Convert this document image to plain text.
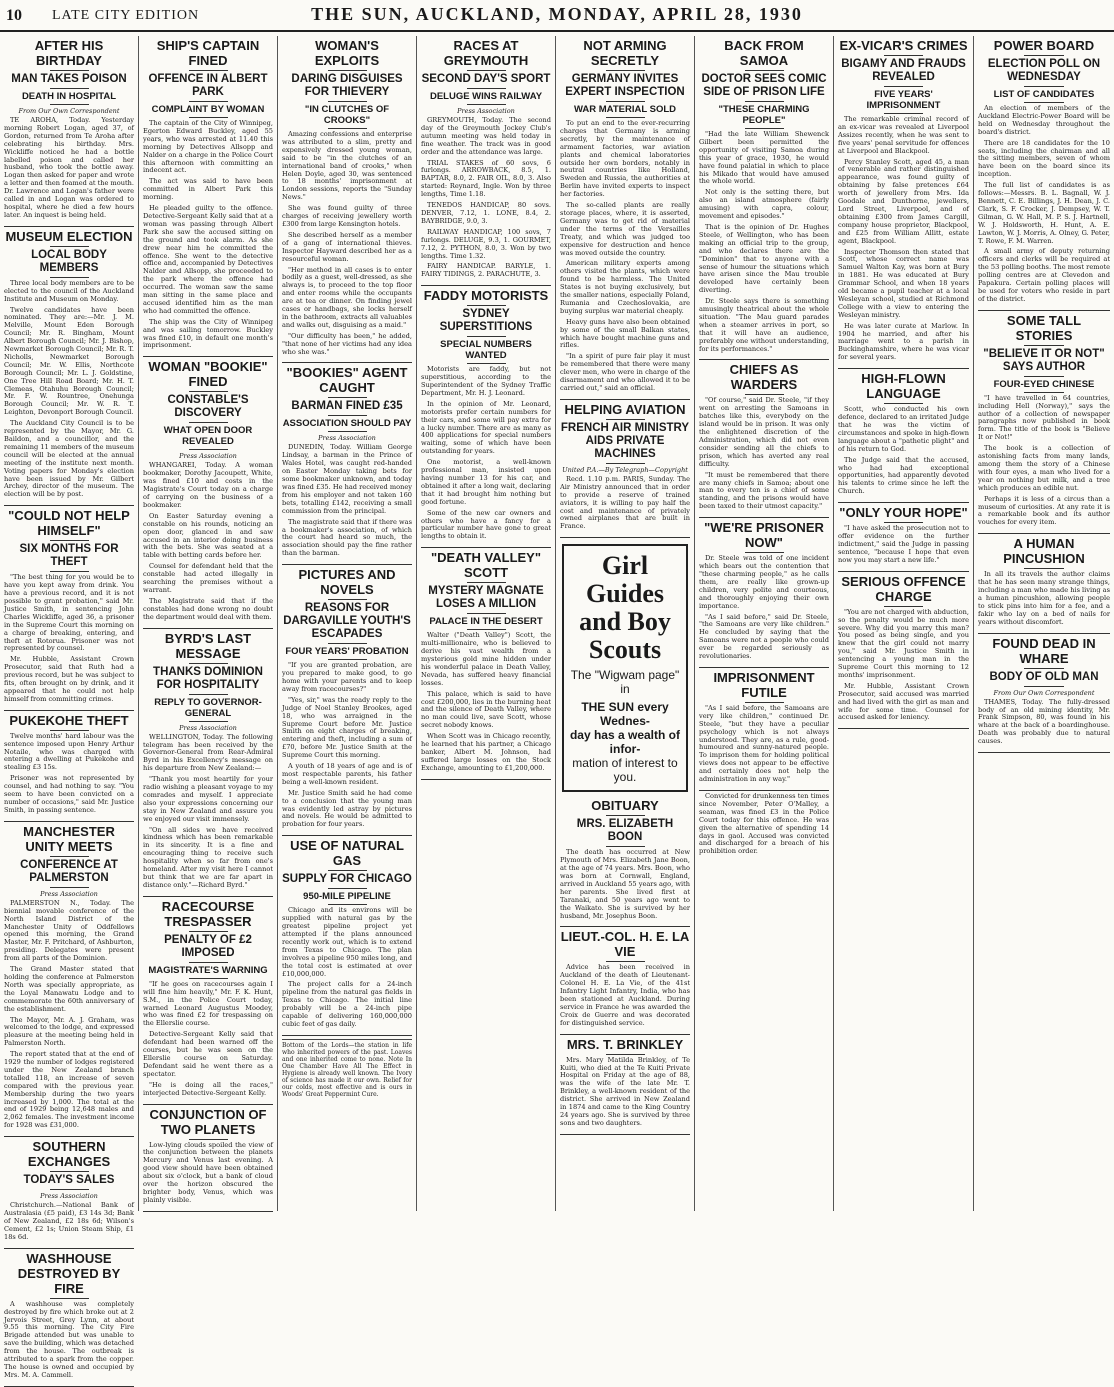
10 LATE CITY EDITION	THE SUN, AUCKLAND, MONDAY, APRIL 28, 1930
AFTER HIS BIRTHDAY
MAN TAKES POISON
DEATH IN HOSPITAL
From Our Own Correspondent

TE AROHA, Today. Yesterday morning Robert Logan, aged 37, of Gordon, returned from Te Aroha after celebrating his birthday. Mrs. Wickliffe noticed he had a bottle labelled poison and called her husband, who took the bottle away. Logan then asked for paper and wrote a letter and then foamed at the mouth. Dr. Lawrence and Logan's father were called in and Logan was ordered to hospital, where he died a few hours later. An inquest is being held.

MUSEUM ELECTION
LOCAL BODY MEMBERS

Three local body members are to be elected to the council of the Auckland Institute and Museum on Monday.

Twelve candidates have been nominated. They are:—Mr. J. M. Melville, Mount Eden Borough Council; Mr. R. Bingham, Mount Albert Borough Council; Mr. J. Bishop, Newmarket Borough Council; Mr. R. T. Nicholls, Newmarket Borough Council; Mr. W. Ellis, Northcote Borough Council; Mr. L. J. Goldstine, One Tree Hill Road Board; Mr. H. T. Clemeas, Otahuhu Borough Council; Mr. F. W. Rountree, Onehunga Borough Council; Mr. W. R. T. Leighton, Devonport Borough Council.

The Auckland City Council is to be represented by the Mayor, Mr. G. Baildon, and a councillor, and the remaining 11 members of the museum council will be elected at the annual meeting of the institute next month. Voting papers for Monday's election have been issued by Mr. Gilbert Archey, director of the museum. The election will be by post.

"COULD NOT HELP HIMSELF"
SIX MONTHS FOR THEFT

"The best thing for you would be to have you kept away from drink. You have a previous record, and it is not possible to grant probation," said Mr. Justice Smith, in sentencing John Charles Wickliffe, aged 36, a prisoner in the Supreme Court this morning on a charge of breaking, entering, and theft at Rotorua. Prisoner was not represented by counsel.

Mr. Hubble, Assistant Crown Prosecutor, said that Ruth had a previous record, but he was subject to fits, often brought on by drink, and it appeared that he could not help himself from committing crimes.

PUKEKOHE THEFT

Twelve months' hard labour was the sentence imposed upon Henry Arthur Notaile, who was charged with entering a dwelling at Pukekohe and stealing £3 15s.

Prisoner was not represented by counsel, and had nothing to say. "You seem to have been convicted on a number of occasions," said Mr. Justice Smith, in passing sentence.

MANCHESTER UNITY MEETS
CONFERENCE AT PALMERSTON
Press Association

PALMERSTON N., Today. The biennial movable conference of the North Island District of the Manchester Unity of Oddfellows opened this morning, the Grand Master, Mr. F. Pritchard, of Ashburton, presiding. Delegates were present from all parts of the Dominion.

The Grand Master stated that holding the conference at Palmerston North was specially appropriate, as the Loyal Manawatu Lodge and to commemorate the 60th anniversary of the establishment.

The Mayor, Mr. A. J. Graham, was welcomed to the lodge, and expressed pleasure at the meeting being held in Palmerston North.

The report stated that at the end of 1929 the number of lodges registered under the New Zealand branch totalled 118, an increase of seven compared with the previous year. Membership during the two years increased by 1,000. The total at the end of 1929 being 12,648 males and 2,062 females. The investment income for 1928 was £31,000.

SOUTHERN EXCHANGES
TODAY'S SALES
Press Association

Christchurch.—National Bank of Australasia (£5 paid), £3 14s 3d; Bank of New Zealand, £2 18s 6d; Wilson's Cement, £2 1s; Union Steam Ship, £1 18s 6d.

WASHHOUSE DESTROYED BY FIRE

A washhouse was completely destroyed by fire which broke out at 2 Jervois Street, Grey Lynn, at about 9.55 this morning. The City Fire Brigade attended but was unable to save the building, which was detached from the house. The outbreak is attributed to a spark from the copper. The house is owned and occupied by Mrs. M. A. Cammell.

SHIP'S CAPTAIN FINED
OFFENCE IN ALBERT PARK
COMPLAINT BY WOMAN

The captain of the City of Winnipeg, Egerton Edward Buckley, aged 55 years, who was arrested at 11.40 this morning by Detectives Allsopp and Nalder on a charge in the Police Court this afternoon with committing an indecent act.

The act was said to have been committed in Albert Park this morning.

He pleaded guilty to the offence. Detective-Sergeant Kelly said that at a woman was passing through Albert Park she saw the accused sitting on the ground and took alarm. As she drew near him he committed the offence. She went to the detective office and, accompanied by Detectives Nalder and Allsopp, she proceeded to the park where the offence had occurred. The woman saw the same man sitting in the same place and accused identified him as the man who had committed the offence.

The ship was the City of Winnipeg and was sailing tomorrow. Buckley was fined £10, in default one month's imprisonment.

WOMAN "BOOKIE" FINED
CONSTABLE'S DISCOVERY
WHAT OPEN DOOR REVEALED
Press Association

WHANGAREI, Today. A woman bookmaker, Dorothy Jacoupett, White, was fined £10 and costs in the Magistrate's Court today on a charge of carrying on the business of a bookmaker.

On Easter Saturday evening a constable on his rounds, noticing an open door, glanced in and saw accused in an interior doing business with the bets. She was seated at a table with betting cards before her.

Counsel for defendant held that the constable had acted illegally in searching the premises without a warrant.

The Magistrate said that if the constables had done wrong no doubt the department would deal with them.

BYRD'S LAST MESSAGE
THANKS DOMINION FOR HOSPITALITY
REPLY TO GOVERNOR-GENERAL
Press Association

WELLINGTON, Today. The following telegram has been received by the Governor-General from Rear-Admiral Byrd in his Excellency's message on his departure from New Zealand:—

"Thank you most heartily for your radio wishing a pleasant voyage to my comrades and myself. I appreciate also your expressions concerning our stay in New Zealand and assure you we enjoyed our visit immensely.

"On all sides we have received kindness which has been remarkable in its sincerity. It is a fine and encouraging thing to receive such hospitality when so far from one's homeland. After my visit here I cannot but think that we are far apart in distance only."—Richard Byrd."

RACECOURSE TRESPASSER
PENALTY OF £2 IMPOSED
MAGISTRATE'S WARNING

"If he goes on racecourses again I will fine him heavily," Mr. F. K. Hunt, S.M., in the Police Court today, warned Leonard Augustus Moodey, who was fined £2 for trespassing on the Ellerslie course.

Detective-Sergeant Kelly said that defendant had been warned off the courses, but he was seen on the Ellerslie course on Saturday. Defendant said he went there as a spectator.

"He is doing all the races," interjected Detective-Sergeant Kelly.

CONJUNCTION OF TWO PLANETS

Low-lying clouds spoiled the view of the conjunction between the planets Mercury and Venus last evening. A good view should have been obtained about six o'clock, but a bank of cloud over the horizon obscured the brighter body, Venus, which was plainly visible.

WOMAN'S EXPLOITS
DARING DISGUISES FOR THIEVERY
"IN CLUTCHES OF CROOKS"

Amazing confessions and enterprise was attributed to a slim, pretty and expensively dressed young woman, said to be "in the clutches of an international band of crooks," when Helen Doyle, aged 30, was sentenced to 18 months' imprisonment at London sessions, reports the "Sunday News."

She was found guilty of three charges of receiving jewellery worth £300 from large Kensington hotels.

She described herself as a member of a gang of international thieves. Inspector Hayward described her as a resourceful woman.

"Her method in all cases is to enter bodily as a guest, well-dressed, as she always is, to proceed to the top floor and enter rooms while the occupants are at tea or dinner. On finding jewel cases or handbags, she locks herself in the bathroom, extracts all valuables and walks out, disguising as a maid."

"Our difficulty has been," he added, "that none of her victims had any idea who she was."

"BOOKIES" AGENT CAUGHT
BARMAN FINED £35
ASSOCIATION SHOULD PAY
Press Association

DUNEDIN, Today. William George Lindsay, a barman in the Prince of Wales Hotel, was caught red-handed on Easter Monday taking bets for some bookmaker unknown, and today was fined £35. He had received money from his employer and not taken 160 bets, totalling £142, receiving a small commission from the principal.

The magistrate said that if there was a bookmaker's association, of which the court had heard so much, the association should pay the fine rather than the barman.

PICTURES AND NOVELS
REASONS FOR DARGAVILLE YOUTH'S ESCAPADES
FOUR YEARS' PROBATION

"If you are granted probation, are you prepared to make good, to go home with your parents and to keep away from racecourses?"

"Yes, sir," was the ready reply to the Judge of Noel Stanley Brookes, aged 18, who was arraigned in the Supreme Court before Mr. Justice Smith on eight charges of breaking, entering and theft, including a sum of £70, before Mr. Justice Smith at the Supreme Court this morning.

A youth of 18 years of age and is of most respectable parents, his father being a well-known resident.

Mr. Justice Smith said he had come to a conclusion that the young man was evidently led astray by pictures and novels. He would be admitted to probation for four years.

USE OF NATURAL GAS
SUPPLY FOR CHICAGO
950-MILE PIPELINE

Chicago and its environs will be supplied with natural gas by the greatest pipeline project yet attempted if the plans announced recently work out, which is to extend from Texas to Chicago. The plan involves a pipeline 950 miles long, and the total cost is estimated at over £10,000,000.

The project calls for a 24-inch pipeline from the natural gas fields in Texas to Chicago. The initial line probably will be a 24-inch pipe capable of delivering 160,000,000 cubic feet of gas daily.

Bottom of the Lords—the station in life who inherited powers of the past. Loaves and one inherited come to none. Note In One Chamber Have All The Effect in Hygiene is already well known. The Ivory of science has made it our own. Relief for our colds, most effective and is ours in Woods' Great Peppermint Cure.

RACES AT GREYMOUTH
SECOND DAY'S SPORT
DELUGE WINS RAILWAY
Press Association

GREYMOUTH, Today. The second day of the Greymouth Jockey Club's autumn meeting was held today in fine weather. The track was in good order and the attendance was large.

TRIAL STAKES of 60 sovs, 6 furlongs. ARROWBACK, 8.5, 1. BAPTAR, 8.0, 2. FAIR OIL, 8.0, 3. Also started: Reynard, Ingle. Won by three lengths, Time 1.18.

TENEDOS HANDICAP, 80 sovs. DENVER, 7.12, 1. LONE, 8.4, 2. BAYBRIDGE, 9.0, 3.

RAILWAY HANDICAP, 100 sovs, 7 furlongs. DELUGE, 9.3, 1. GOURMET, 7.12, 2. PYTHON, 8.0, 3. Won by two lengths. Time 1.32.

FAIRY HANDICAP. BARYLE, 1. FAIRY TIDINGS, 2. PARACHUTE, 3.

FADDY MOTORISTS
SYDNEY SUPERSTITIONS
SPECIAL NUMBERS WANTED

Motorists are faddy, but not superstitious, according to the Superintendent of the Sydney Traffic Department, Mr. H. J. Leonard.

In the opinion of Mr. Leonard, motorists prefer certain numbers for their cars, and some will pay extra for a lucky number. There are as many as 400 applications for special numbers waiting, some of which have been outstanding for years.

One motorist, a well-known professional man, insisted upon having number 13 for his car, and obtained it after a long wait, declaring that it had brought him nothing but good fortune.

Some of the new car owners and others who have a fancy for a particular number have gone to great lengths to obtain it.

"DEATH VALLEY" SCOTT
MYSTERY MAGNATE LOSES A MILLION
PALACE IN THE DESERT

Walter ("Death Valley") Scott, the multi-millionaire, who is believed to derive his vast wealth from a mysterious gold mine hidden under his wonderful palace in Death Valley, Nevada, has suffered heavy financial losses.

This palace, which is said to have cost £200,000, lies in the burning heat and the silence of Death Valley, where no man could live, save Scott, whose secret nobody knows.

When Scott was in Chicago recently, he learned that his partner, a Chicago banker, Albert M. Johnson, had suffered large losses on the Stock Exchange, amounting to £1,200,000.

NOT ARMING SECRETLY
GERMANY INVITES EXPERT INSPECTION
WAR MATERIAL SOLD

To put an end to the ever-recurring charges that Germany is arming secretly, by the maintenance of armament factories, war aviation plants and chemical laboratories outside her own borders, notably in neutral countries like Holland, Sweden and Russia, the authorities at Berlin have invited experts to inspect her factories.

The so-called plants are really storage places, where, it is asserted, Germany was to get rid of material under the terms of the Versailles Treaty, and which was judged too expensive for destruction and hence was moved outside the country.

American military experts among others visited the plants, which were found to be harmless. The United States is not buying exclusively, but the smaller nations, especially Poland, Rumania and Czechoslovakia, are buying surplus war material cheaply.

Heavy guns have also been obtained by some of the small Balkan states, which have bought machine guns and rifles.

"In a spirit of pure fair play it must be remembered that there were many clever men, who were in charge of the disarmament and who allowed it to be carried out," said an official.

HELPING AVIATION
FRENCH AIR MINISTRY AIDS PRIVATE MACHINES
United P.A.—By Telegraph—Copyright

Recd. 1.10 p.m. PARIS, Sunday. The Air Ministry announced that in order to provide a reserve of trained aviators, it is willing to pay half the cost and maintenance of privately owned airplanes that are built in France.

Girl Guides
and Boy Scouts
The "Wigwam page" in
THE SUN every Wednes-
day has a wealth of infor-
mation of interest to you.
OBITUARY
MRS. ELIZABETH BOON

The death has occurred at New Plymouth of Mrs. Elizabeth Jane Boon, at the age of 74 years. Mrs. Boon, who was born at Cornwall, England, arrived in Auckland 55 years ago, with her parents. She lived first at Taranaki, and 50 years ago went to the Waikato. She is survived by her husband, Mr. Josephus Boon.

LIEUT.-COL. H. E. LA VIE

Advice has been received in Auckland of the death of Lieutenant-Colonel H. E. La Vie, of the 41st Infantry Light Infantry, India, who has been stationed at Auckland. During service in France he was awarded the Croix de Guerre and was decorated for distinguished service.

MRS. T. BRINKLEY

Mrs. Mary Matilda Brinkley, of Te Kuiti, who died at the Te Kuiti Private Hospital on Friday at the age of 88, was the wife of the late Mr. T. Brinkley, a well-known resident of the district. She arrived in New Zealand in 1874 and came to the King Country 24 years ago. She is survived by three sons and two daughters.

BACK FROM SAMOA
DOCTOR SEES COMIC SIDE OF PRISON LIFE
"THESE CHARMING PEOPLE"

"Had the late William Shewenck Gilbert been permitted the opportunity of visiting Samoa during this year of grace, 1930, he would have found palatial in which to place his Mikado that would have amused the whole world.

Not only is the setting there, but also an island atmosphere (fairly amusing) with capra, colour, movement and episodes."

That is the opinion of Dr. Hughes Steele, of Wellington, who has been making an official trip to the group, and who declares there are the "Dominion" that to anyone with a sense of humour the situations which have arisen since the Mau trouble developed have certainly been diverting.

Dr. Steele says there is something amusingly theatrical about the whole situation. "The Mau guard parades when a steamer arrives in port, so that it will have an audience, preferably one without understanding, for its performances."

CHIEFS AS WARDERS

"Of course," said Dr. Steele, "if they went on arresting the Samoans in batches like this, everybody on the island would be in prison. It was only the enlightened discretion of the Administration, which did not even consider sending all the chiefs to prison, which has averted any real difficulty.

"It must be remembered that there are many chiefs in Samoa; about one man to every ten is a chief of some standing, and the prisons would have been taxed to their utmost capacity."

"WE'RE PRISONER NOW"

Dr. Steele was told of one incident which bears out the contention that "these charming people," as he calls them, are really like grown-up children, very polite and courteous, and thoroughly enjoying their own importance.

"As I said before," said Dr. Steele, "the Samoans are very like children." He concluded by saying that the Samoans were not a people who could ever be regarded seriously as revolutionaries.

IMPRISONMENT FUTILE

"As I said before, the Samoans are very like children," continued Dr. Steele, "but they have a peculiar psychology which is not always understood. They are, as a rule, good-humoured and sunny-natured people. To imprison them for holding political views does not appear to be effective and certainly does not help the administration in any way."

Convicted for drunkenness ten times since November, Peter O'Malley, a seaman, was fined £3 in the Police Court today for this offence. He was given the alternative of spending 14 days in gaol. Accused was convicted and discharged for a breach of his prohibition order.

EX-VICAR'S CRIMES
BIGAMY AND FRAUDS REVEALED
FIVE YEARS' IMPRISONMENT

The remarkable criminal record of an ex-vicar was revealed at Liverpool Assizes recently, when he was sent to five years' penal servitude for offences at Liverpool and Blackpool.

Percy Stanley Scott, aged 45, a man of venerable and rather distinguished appearance, was found guilty of obtaining by false pretences £64 worth of jewellery from Mrs. Ida Goodale and Dunthorne, jewellers, Lord Street, Liverpool, and of obtaining £300 from James Cargill, company house proprietor, Blackpool, and £25 from William Allitt, estate agent, Blackpool.

Inspector Thomson then stated that Scott, whose correct name was Samuel Walton Kay, was born at Bury in 1881. He was educated at Bury Grammar School, and when 18 years old became a pupil teacher at a local Wesleyan school, studied at Richmond College with a view to entering the Wesleyan ministry.

He was later curate at Marlow. In 1904 he married, and after his marriage went to a parish in Buckinghamshire, where he was vicar for several years.

HIGH-FLOWN LANGUAGE

Scott, who conducted his own defence, declared to an irritated Judge that he was the victim of circumstances and spoke in high-flown language about a "pathetic plight" and of his return to God.

The Judge said that the accused, who had had exceptional opportunities, had apparently devoted his talents to crime since he left the Church.

"ONLY YOUR HOPE"

"I have asked the prosecution not to offer evidence on the further indictment," said the Judge in passing sentence, "because I hope that even now you may start a new life."

SERIOUS OFFENCE CHARGE

"You are not charged with abduction, so the penalty would be much more severe. Why did you marry this man? You posed as being single, and you knew that the girl could not marry you," said Mr. Justice Smith in sentencing a young man in the Supreme Court this morning to 12 months' imprisonment.

Mr. Hubble, Assistant Crown Prosecutor, said accused was married and had lived with the girl as man and wife for some time. Counsel for accused asked for leniency.

POWER BOARD
ELECTION POLL ON WEDNESDAY
LIST OF CANDIDATES

An election of members of the Auckland Electric-Power Board will be held on Wednesday throughout the board's district.

There are 18 candidates for the 10 seats, including the chairman and all the sitting members, seven of whom have been on the board since its inception.

The full list of candidates is as follows:—Messrs. B. L. Bagnall, W. J. Bennett, C. E. Billings, J. H. Dean, J. C. Clark, S. F. Crocker, J. Dempsey, W. T. Gilman, G. W. Hall, M. P. S. J. Hartnell, W. J. Holdsworth, H. Hunt, A. E. Lawton, W. J. Morris, A. Olney, G. Peter, T. Rowe, F. M. Warren.

A small army of deputy returning officers and clerks will be required at the 53 polling booths. The most remote polling centres are at Clevedon and Papakura. Certain polling places will be used for voters who reside in part of the district.

SOME TALL STORIES
"BELIEVE IT OR NOT" SAYS AUTHOR
FOUR-EYED CHINESE

"I have travelled in 64 countries, including Hell (Norway)," says the author of a collection of newspaper paragraphs now published in book form. The title of the book is "Believe It or Not!"

The book is a collection of astonishing facts from many lands, among them the story of a Chinese with four eyes, a man who lived for a year on nothing but milk, and a tree which produces an edible nut.

Perhaps it is less of a circus than a museum of curiosities. At any rate it is a remarkable book and its author vouches for every item.

A HUMAN PINCUSHION

In all its travels the author claims that he has seen many strange things, including a man who made his living as a human pincushion, allowing people to stick pins into him for a fee, and a fakir who lay on a bed of nails for years without discomfort.

FOUND DEAD IN WHARE
BODY OF OLD MAN
From Our Own Correspondent

THAMES, Today. The fully-dressed body of an old mining identity, Mr. Frank Simpson, 80, was found in his whare at the back of a boardinghouse. Death was probably due to natural causes.
